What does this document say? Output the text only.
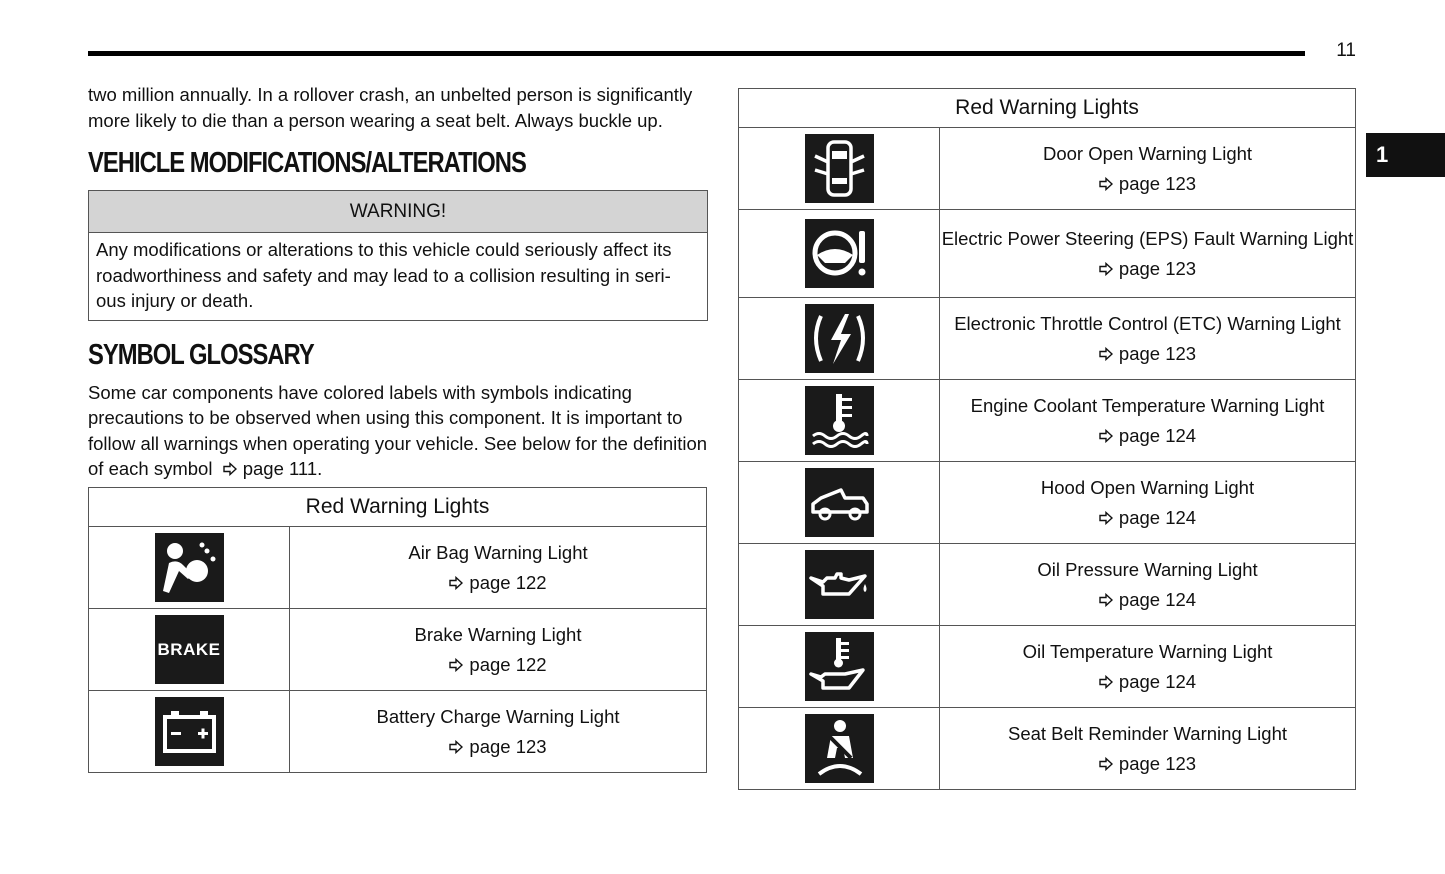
11
1

two million annually. In a rollover crash, an unbelted person is significantly more likely to die than a person wearing a seat belt. Always buckle up.

VEHICLE MODIFICATIONS/ALTERATIONS
WARNING!
Any modifications or alterations to this vehicle could seriously affect its roadworthiness and safety and may lead to a collision resulting in seri-ous injury or death.
SYMBOL GLOSSARY

Some car components have colored labels with symbols indicating precautions to be observed when using this component. It is important to follow all warnings when operating your vehicle. See below for the definition of each symbol page 111.

Red Warning Lights	

Air Bag Warning Light
page 122

BRAKE	Brake Warning Light
page 122

Battery Charge Warning Light
page 123
Red Warning Lights	

Door Open Warning Light
page 123

Electric Power Steering (EPS) Fault Warning Light
page 123

Electronic Throttle Control (ETC) Warning Light
page 123

Engine Coolant Temperature Warning Light
page 124

Hood Open Warning Light
page 124

Oil Pressure Warning Light
page 124

Oil Temperature Warning Light
page 124

Seat Belt Reminder Warning Light
page 123
